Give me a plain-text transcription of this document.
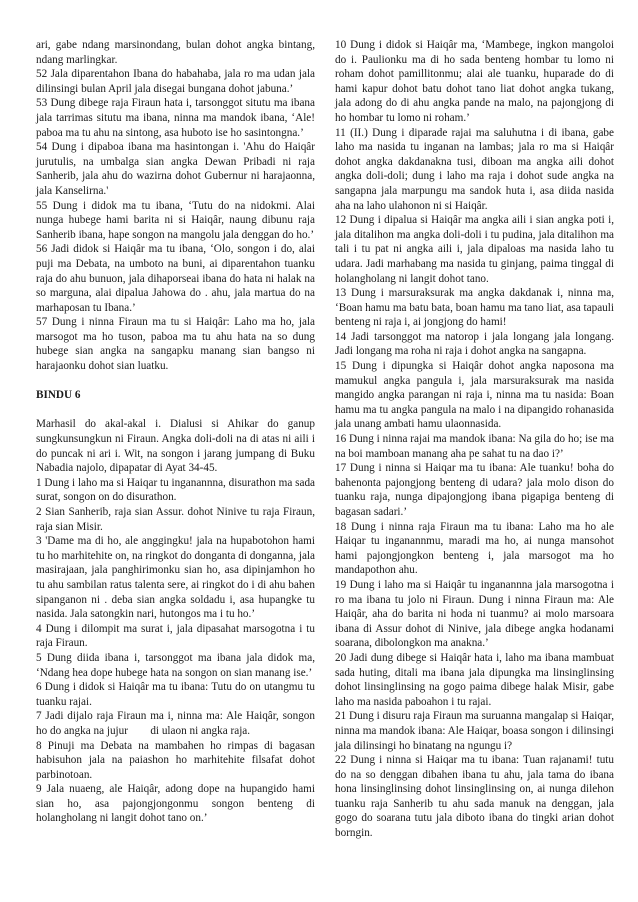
ari, gabe ndang marsinondang, bulan dohot angka bintang, ndang marlingkar.

52 Jala diparentahon Ibana do habahaba, jala ro ma udan jala dilinsingi bulan April jala disegai bungana dohot jabuna.’

53 Dung dibege raja Firaun hata i, tarsonggot situtu ma ibana jala tarrimas situtu ma ibana, ninna ma mandok ibana, ‘Ale! paboa ma tu ahu na sintong, asa huboto ise ho sasintongna.’

54 Dung i dipaboa ibana ma hasintongan i. 'Ahu do Haiqâr jurutulis, na umbalga sian angka Dewan Pribadi ni raja Sanherib, jala ahu do wazirna dohot Gubernur ni harajaonna, jala Kanselirna.'

55 Dung i didok ma tu ibana, ‘Tutu do na nidokmi. Alai nunga hubege hami barita ni si Haiqâr, naung dibunu raja Sanherib ibana, hape songon na mangolu jala denggan do ho.’

56 Jadi didok si Haiqâr ma tu ibana, ‘Olo, songon i do, alai puji ma Debata, na umboto na buni, ai diparentahon tuanku raja do ahu bunuon, jala dihaporseai ibana do hata ni halak na so marguna, alai dipalua Jahowa do . ahu, jala martua do na marhaposan tu Ibana.’

57 Dung i ninna Firaun ma tu si Haiqâr: Laho ma ho, jala marsogot ma ho tuson, paboa ma tu ahu hata na so dung hubege sian angka na sangapku manang sian bangso ni harajaonku dohot sian luatku.

BINDU 6

Marhasil do akal-akal i. Dialusi si Ahikar do ganup sungkunsungkun ni Firaun. Angka doli-doli na di atas ni aili i do puncak ni ari i. Wit, na songon i jarang jumpang di Buku Nabadia najolo, dipapatar di Ayat 34-45.

1 Dung i laho ma si Haiqar tu inganannna, disurathon ma sada surat, songon on do disurathon.

2 Sian Sanherib, raja sian Assur. dohot Ninive tu raja Firaun, raja sian Misir.

3 'Dame ma di ho, ale anggingku! jala na hupabotohon hami tu ho marhitehite on, na ringkot do donganta di donganna, jala masirajaan, jala panghirimonku sian ho, asa dipinjamhon ho tu ahu sambilan ratus talenta sere, ai ringkot do i di ahu bahen sipanganon ni . deba sian angka soldadu i, asa hupangke tu nasida. Jala satongkin nari, hutongos ma i tu ho.’

4 Dung i dilompit ma surat i, jala dipasahat marsogotna i tu raja Firaun.

5 Dung diida ibana i, tarsonggot ma ibana jala didok ma, ‘Ndang hea dope hubege hata na songon on sian manang ise.’

6 Dung i didok si Haiqâr ma tu ibana: Tutu do on utangmu tu tuanku rajai.

7 Jadi dijalo raja Firaun ma i, ninna ma: Ale Haiqâr, songon ho do angka na jujur        di ulaon ni angka raja.

8 Pinuji ma Debata na mambahen ho rimpas di bagasan habisuhon jala na paiashon ho marhitehite filsafat dohot parbinotoan.

9 Jala nuaeng, ale Haiqâr, adong dope na hupangido hami sian ho, asa pajongjongonmu songon benteng di holangholang ni langit dohot tano on.’

10 Dung i didok si Haiqâr ma, ‘Mambege, ingkon mangoloi do i. Paulionku ma di ho sada benteng hombar tu lomo ni roham dohot pamillitonmu; alai ale tuanku, huparade do di hami kapur dohot batu dohot tano liat dohot angka tukang, jala adong do di ahu angka pande na malo, na pajongjong di ho hombar tu lomo ni roham.’

11 (II.) Dung i diparade rajai ma saluhutna i di ibana, gabe laho ma nasida tu inganan na lambas; jala ro ma si Haiqâr dohot angka dakdanakna tusi, diboan ma angka aili dohot angka doli-doli; dung i laho ma raja i dohot sude angka na sangapna jala marpungu ma sandok huta i, asa diida nasida aha na laho ulahonon ni si Haiqâr.

12 Dung i dipalua si Haiqâr ma angka aili i sian angka poti i, jala ditalihon ma angka doli-doli i tu pudina, jala ditalihon ma tali i tu pat ni angka aili i, jala dipaloas ma nasida laho tu udara. Jadi marhabang ma nasida tu ginjang, paima tinggal di holangholang ni langit dohot tano.

13 Dung i marsuraksurak ma angka dakdanak i, ninna ma, ‘Boan hamu ma batu bata, boan hamu ma tano liat, asa tapauli benteng ni raja i, ai jongjong do hami!

14 Jadi tarsonggot ma natorop i jala longang jala longang. Jadi longang ma roha ni raja i dohot angka na sangapna.

15 Dung i dipungka si Haiqâr dohot angka naposona ma mamukul angka pangula i, jala marsuraksurak ma nasida mangido angka parangan ni raja i, ninna ma tu nasida: Boan hamu ma tu angka pangula na malo i na dipangido rohanasida jala unang ambati hamu ulaonnasida.

16 Dung i ninna rajai ma mandok ibana: Na gila do ho; ise ma na boi mamboan manang aha pe sahat tu na dao i?’

17 Dung i ninna si Haiqar ma tu ibana: Ale tuanku! boha do bahenonta pajongjong benteng di udara? jala molo dison do tuanku raja, nunga dipajongjong ibana pigapiga benteng di bagasan sadari.’

18 Dung i ninna raja Firaun ma tu ibana: Laho ma ho ale Haiqar tu inganannmu, maradi ma ho, ai nunga mansohot hami pajongjongkon benteng i, jala marsogot ma ho mandapothon ahu.

19 Dung i laho ma si Haiqâr tu inganannna jala marsogotna i ro ma ibana tu jolo ni Firaun. Dung i ninna Firaun ma: Ale Haiqâr, aha do barita ni hoda ni tuanmu? ai molo marsoara ibana di Assur dohot di Ninive, jala dibege angka hodanami soarana, dibolongkon ma anakna.’

20 Jadi dung dibege si Haiqâr hata i, laho ma ibana mambuat sada huting, ditali ma ibana jala dipungka ma linsinglinsing dohot linsinglinsing na gogo paima dibege halak Misir, gabe laho ma nasida paboahon i tu rajai.

21 Dung i disuru raja Firaun ma suruanna mangalap si Haiqar, ninna ma mandok ibana: Ale Haiqar, boasa songon i dilinsingi jala dilinsingi ho binatang na ngungu i?

22 Dung i ninna si Haiqar ma tu ibana: Tuan rajanami! tutu do na so denggan dibahen ibana tu ahu, jala tama do ibana hona linsinglinsing dohot linsinglinsing on, ai nunga dilehon tuanku raja Sanherib tu ahu sada manuk na denggan, jala gogo do soarana tutu jala diboto ibana do tingki arian dohot borngin.
